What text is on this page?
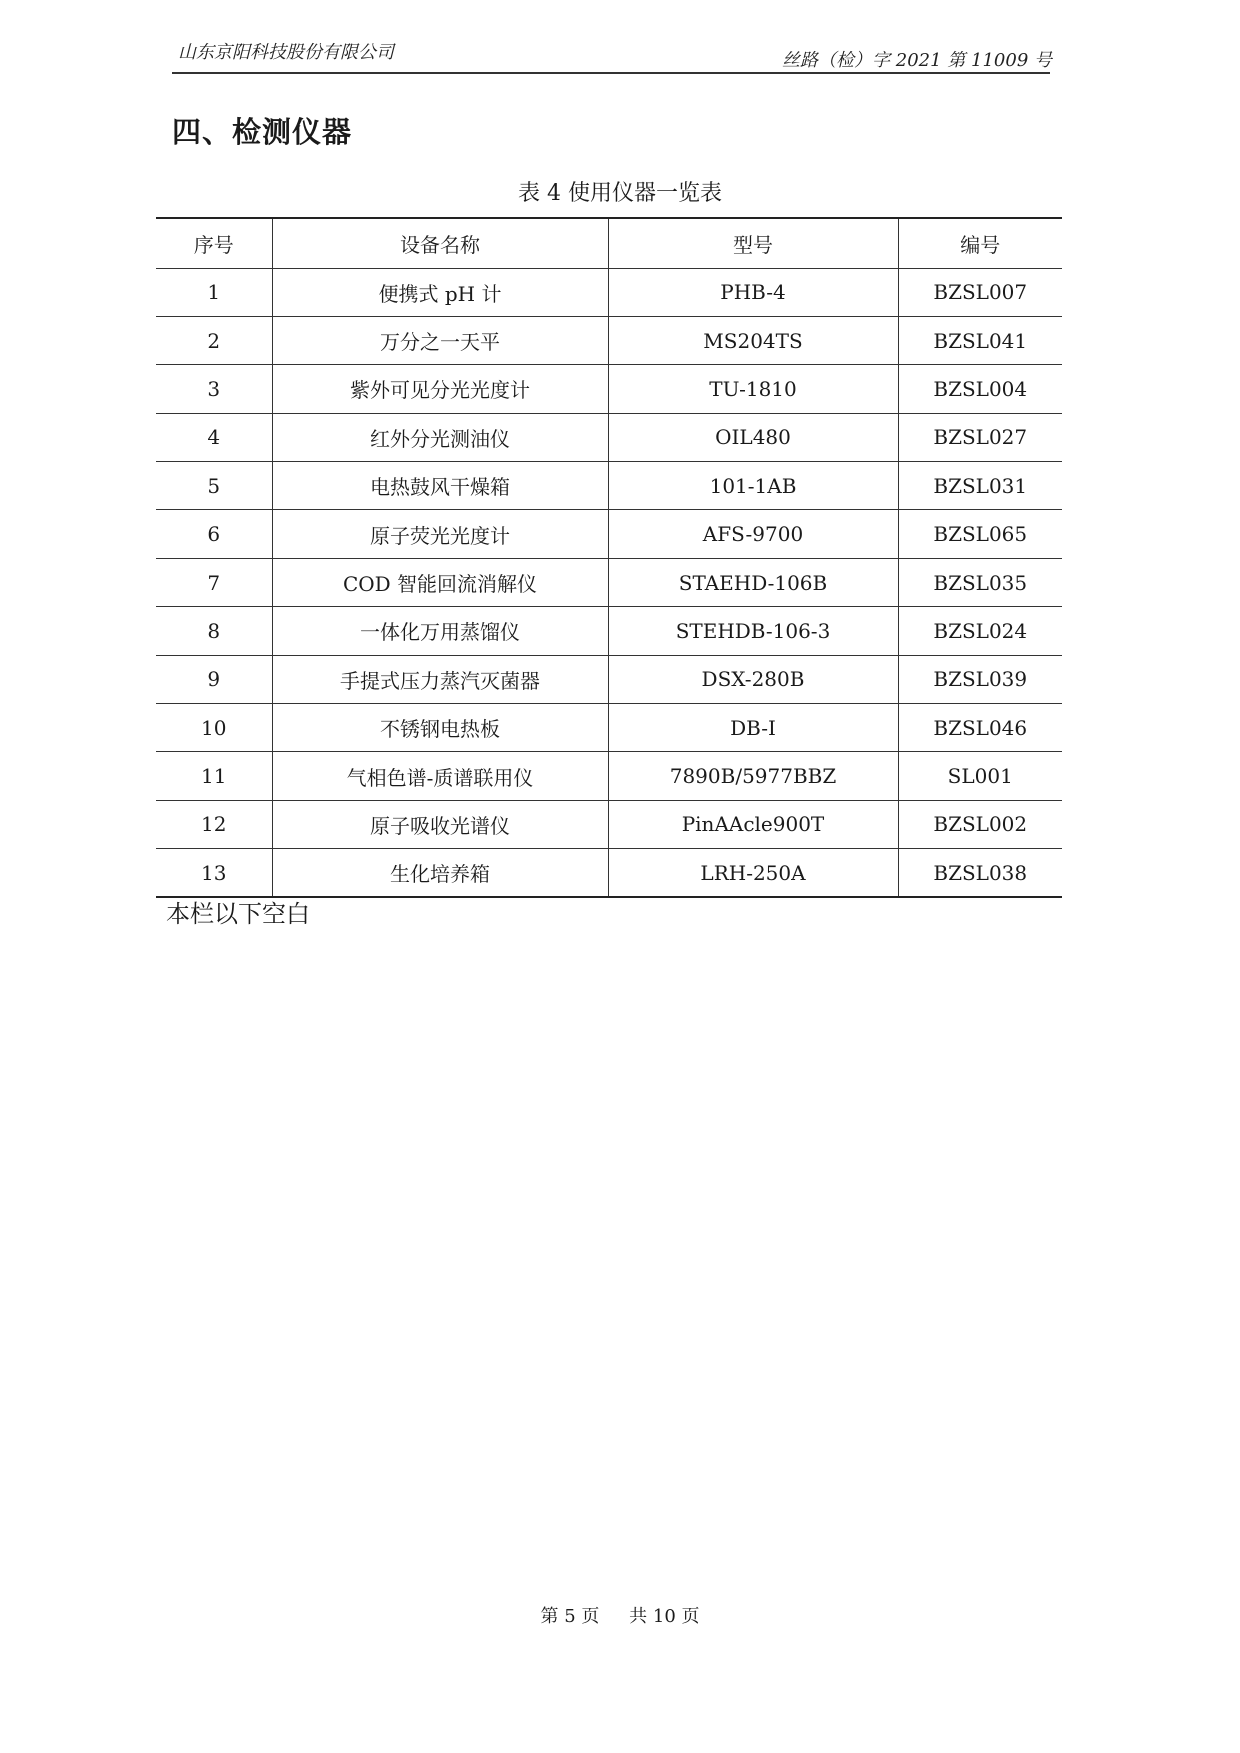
山东京阳科技股份有限公司	丝路（检）字 2021 第 11009 号
四、检测仪器
表 4 使用仪器一览表
序号	设备名称	型号	编号
1	便携式 pH 计	PHB-4	BZSL007
2	万分之一天平	MS204TS	BZSL041
3	紫外可见分光光度计	TU-1810	BZSL004
4	红外分光测油仪	OIL480	BZSL027
5	电热鼓风干燥箱	101-1AB	BZSL031
6	原子荧光光度计	AFS-9700	BZSL065
7	COD 智能回流消解仪	STAEHD-106B	BZSL035
8	一体化万用蒸馏仪	STEHDB-106-3	BZSL024
9	手提式压力蒸汽灭菌器	DSX-280B	BZSL039
10	不锈钢电热板	DB-I	BZSL046
11	气相色谱-质谱联用仪	7890B/5977BBZ	SL001
12	原子吸收光谱仪	PinAAcle900T	BZSL002
13	生化培养箱	LRH-250A	BZSL038
本栏以下空白
第 5 页 共 10 页
